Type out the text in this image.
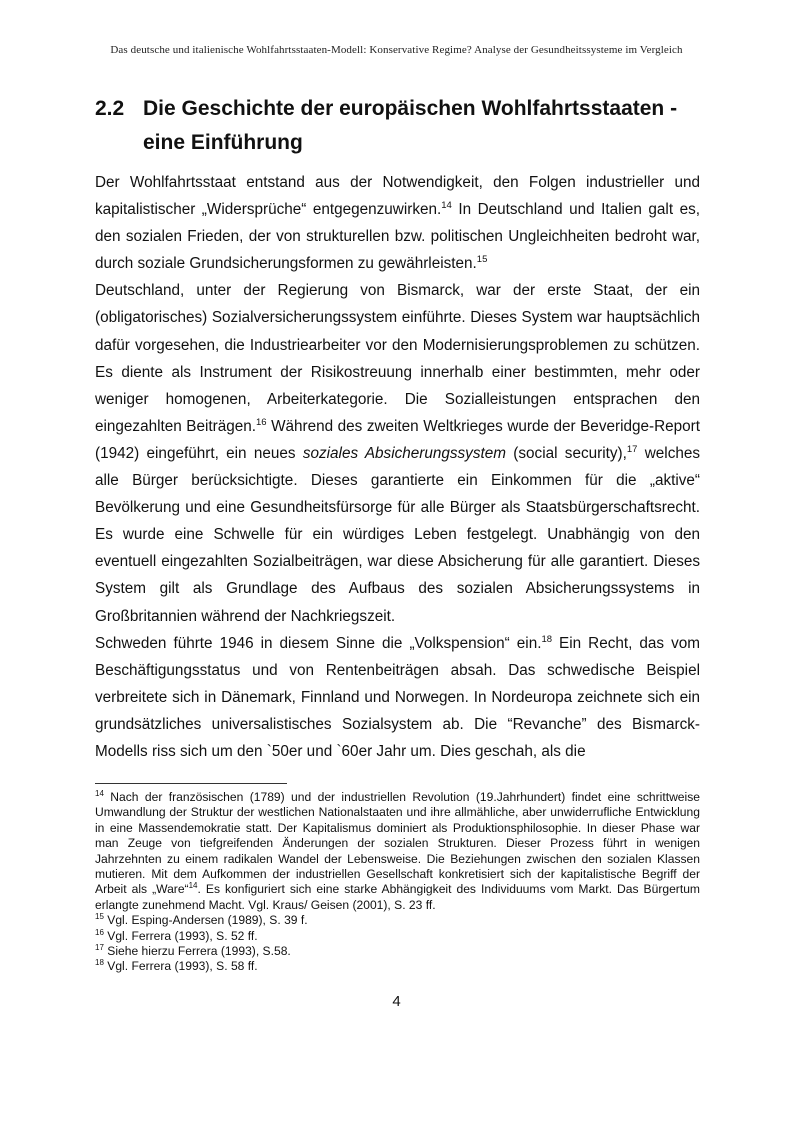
Das deutsche und italienische Wohlfahrtsstaaten-Modell: Konservative Regime? Analyse der Gesundheitssysteme im Vergleich
2.2 Die Geschichte der europäischen Wohlfahrtsstaaten -
eine Einführung

Der Wohlfahrtsstaat entstand aus der Notwendigkeit, den Folgen industrieller und kapitalistischer „Widersprüche“ entgegenzuwirken.$^{14}$ In Deutschland und Italien galt es, den sozialen Frieden, der von strukturellen bzw. politischen Ungleichheiten bedroht war, durch soziale Grundsicherungsformen zu gewährleisten.$^{15}$

Deutschland, unter der Regierung von Bismarck, war der erste Staat, der ein (obligatorisches) Sozialversicherungssystem einführte. Dieses System war hauptsächlich dafür vorgesehen, die Industriearbeiter vor den Modernisierungsproblemen zu schützen. Es diente als Instrument der Risikostreuung innerhalb einer bestimmten, mehr oder weniger homogenen, Arbeiterkategorie. Die Sozialleistungen entsprachen den eingezahlten Beiträgen.$^{16}$ Während des zweiten Weltkrieges wurde der Beveridge-Report (1942) eingeführt, ein neues soziales Absicherungssystem (social security),$^{17}$ welches alle Bürger berücksichtigte. Dieses garantierte ein Einkommen für die „aktive“ Bevölkerung und eine Gesundheitsfürsorge für alle Bürger als Staatsbürgerschaftsrecht. Es wurde eine Schwelle für ein würdiges Leben festgelegt. Unabhängig von den eventuell eingezahlten Sozialbeiträgen, war diese Absicherung für alle garantiert. Dieses System gilt als Grundlage des Aufbaus des sozialen Absicherungssystems in Großbritannien während der Nachkriegszeit.

Schweden führte 1946 in diesem Sinne die „Volkspension“ ein.$^{18}$ Ein Recht, das vom Beschäftigungsstatus und von Rentenbeiträgen absah. Das schwedische Beispiel verbreitete sich in Dänemark, Finnland und Norwegen. In Nordeuropa zeichnete sich ein grundsätzliches universalistisches Sozialsystem ab. Die “Revanche” des Bismarck-Modells riss sich um den `50er und `60er Jahr um. Dies geschah, als die

$^{14}$ Nach der französischen (1789) und der industriellen Revolution (19.Jahrhundert) findet eine schrittweise Umwandlung der Struktur der westlichen Nationalstaaten und ihre allmähliche, aber unwiderrufliche Entwicklung in eine Massendemokratie statt. Der Kapitalismus dominiert als Produktionsphilosophie. In dieser Phase war man Zeuge von tiefgreifenden Änderungen der sozialen Strukturen. Dieser Prozess führt in wenigen Jahrzehnten zu einem radikalen Wandel der Lebensweise. Die Beziehungen zwischen den sozialen Klassen mutieren. Mit dem Aufkommen der industriellen Gesellschaft konkretisiert sich der kapitalistische Begriff der Arbeit als „Ware“$^{14}$. Es konfiguriert sich eine starke Abhängigkeit des Individuums vom Markt. Das Bürgertum erlangte zunehmend Macht. Vgl. Kraus/ Geisen (2001), S. 23 ff.

$^{15}$ Vgl. Esping-Andersen (1989), S. 39 f.

$^{16}$ Vgl. Ferrera (1993), S. 52 ff.

$^{17}$ Siehe hierzu Ferrera (1993), S.58.

$^{18}$ Vgl. Ferrera (1993), S. 58 ff.

4
